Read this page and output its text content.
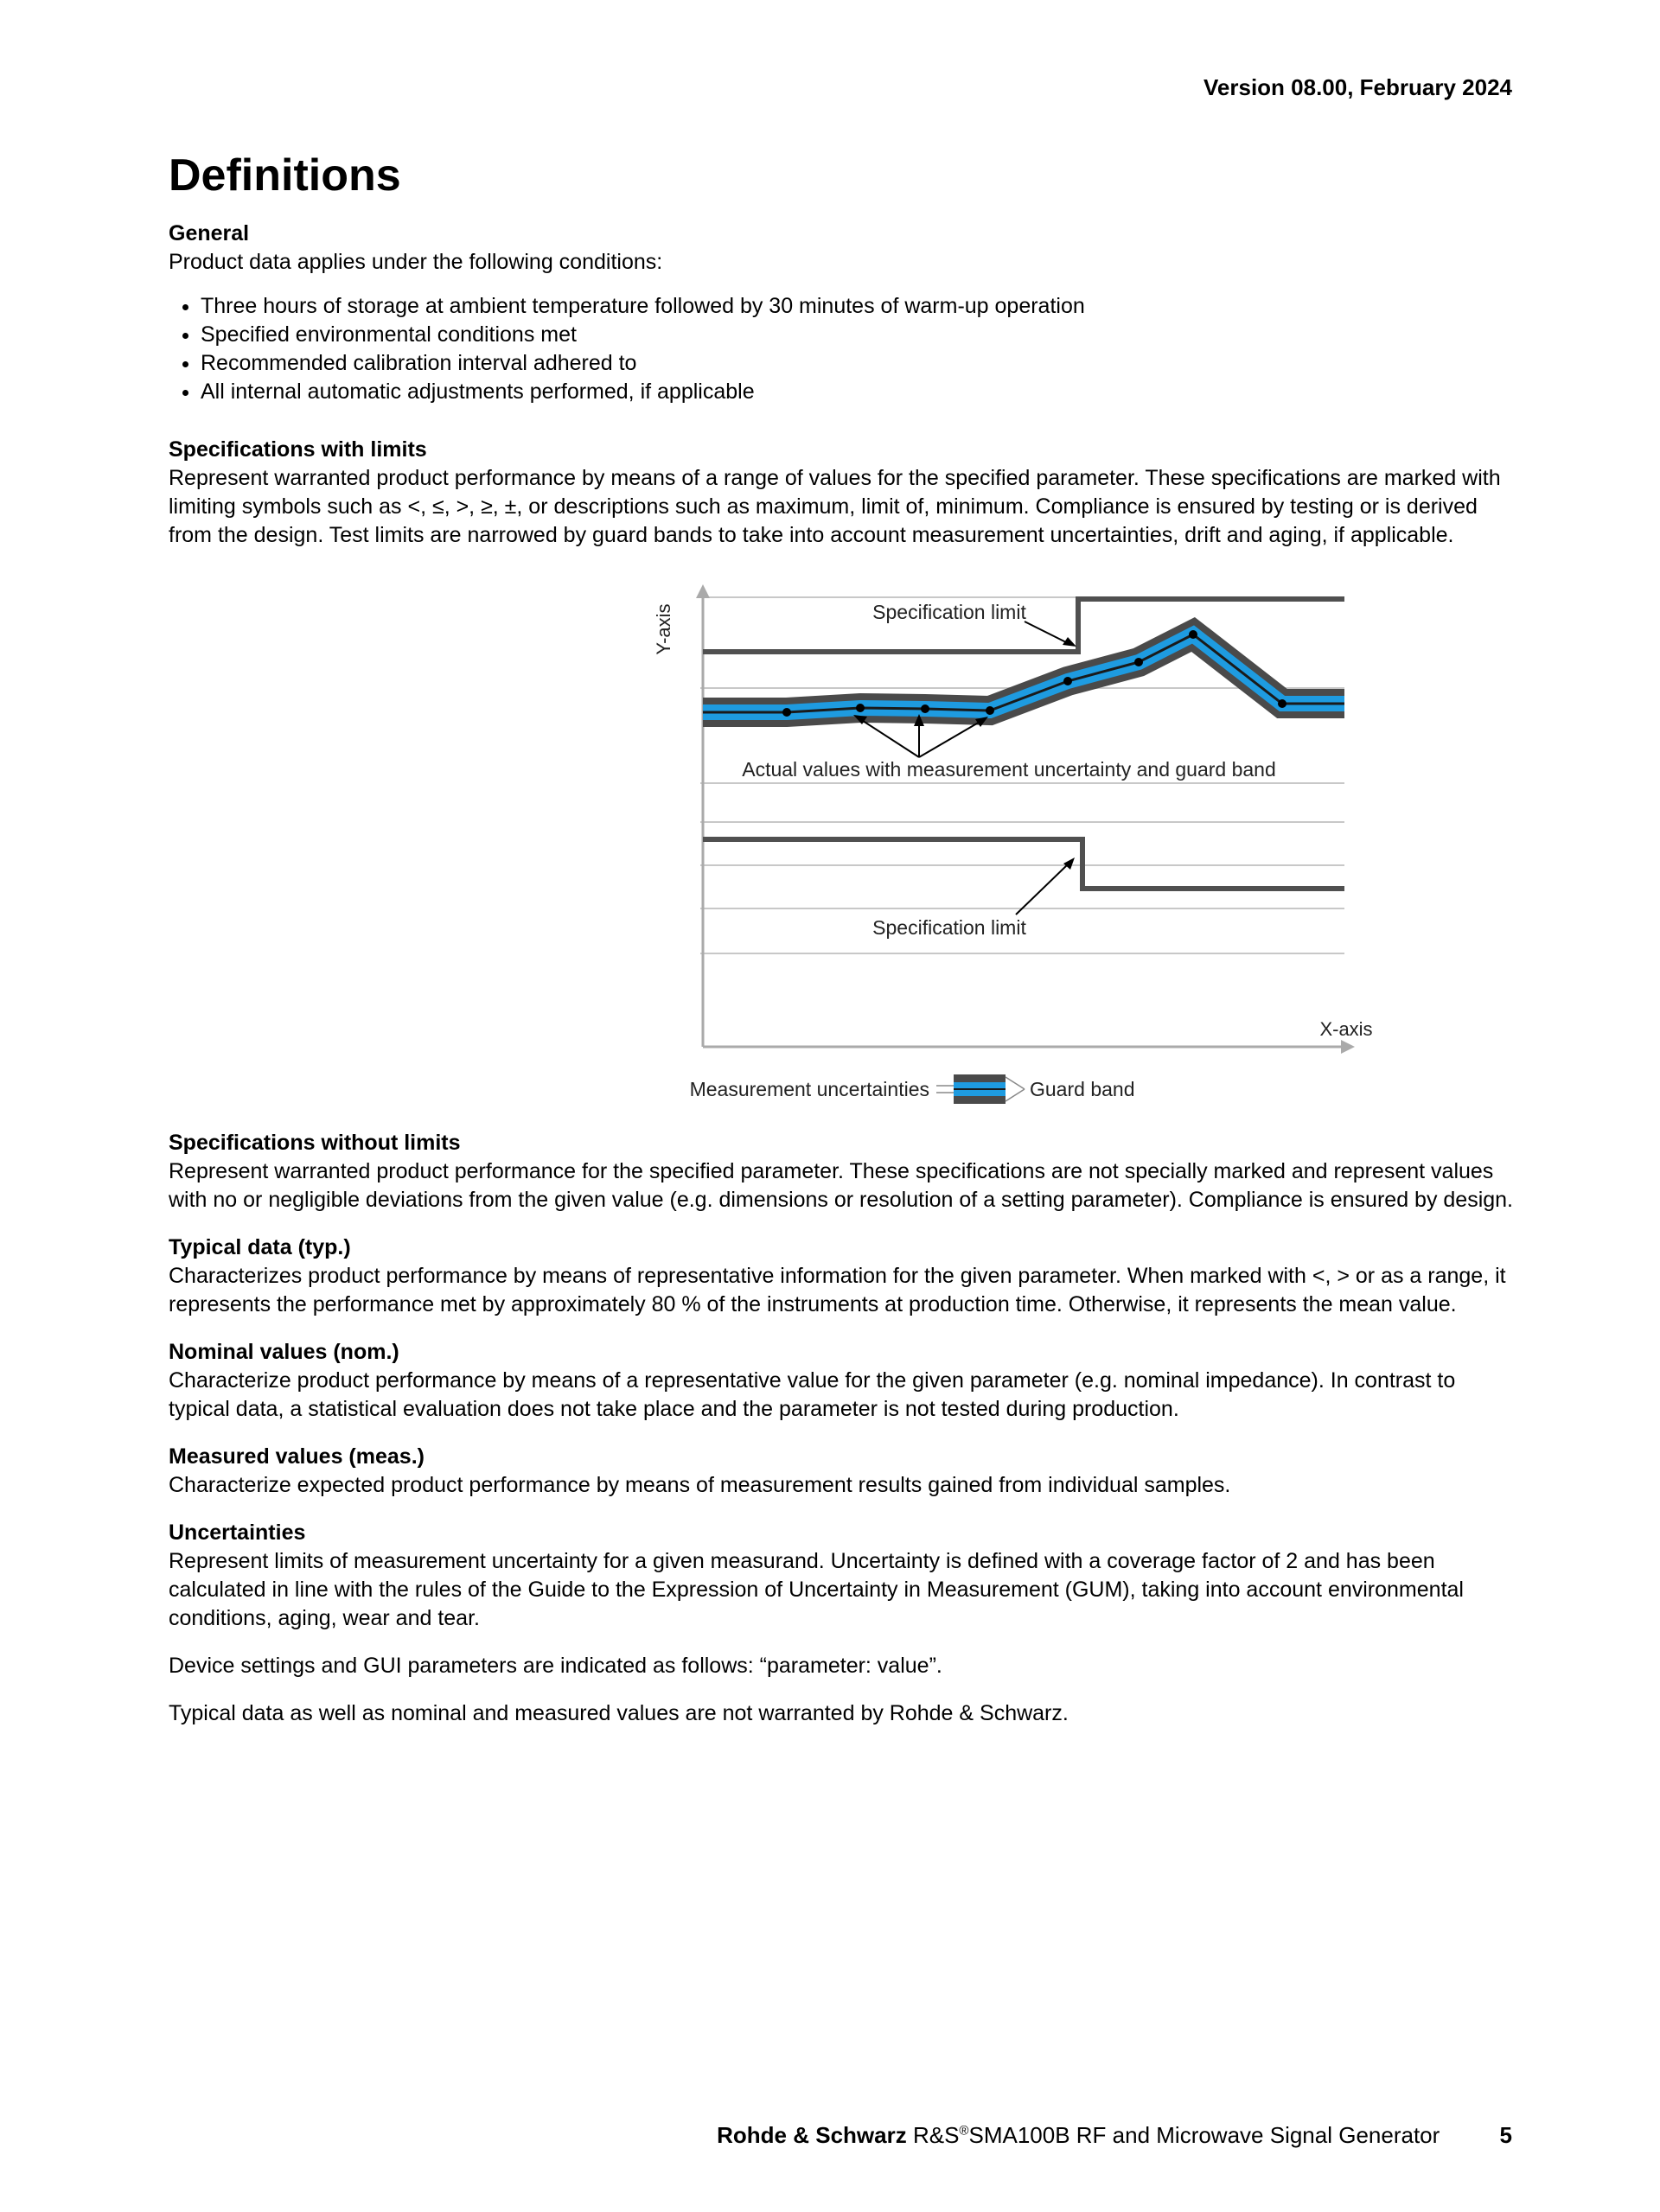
Version 08.00, February 2024
Definitions
General

Product data applies under the following conditions:

• Three hours of storage at ambient temperature followed by 30 minutes of warm-up operation
• Specified environmental conditions met
• Recommended calibration interval adhered to
• All internal automatic adjustments performed, if applicable
Specifications with limits

Represent warranted product performance by means of a range of values for the specified parameter. These specifications are marked with limiting symbols such as <, ≤, >, ≥, ±, or descriptions such as maximum, limit of, minimum. Compliance is ensured by testing or is derived from the design. Test limits are narrowed by guard bands to take into account measurement uncertainties, drift and aging, if applicable.

Y-axis
X-axis
Specification limit
Actual values with measurement uncertainty and guard band
Specification limit
Measurement uncertainties	Guard band
Specifications without limits

Represent warranted product performance for the specified parameter. These specifications are not specially marked and represent values with no or negligible deviations from the given value (e.g. dimensions or resolution of a setting parameter). Compliance is ensured by design.

Typical data (typ.)

Characterizes product performance by means of representative information for the given parameter. When marked with <, > or as a range, it represents the performance met by approximately 80 % of the instruments at production time. Otherwise, it represents the mean value.

Nominal values (nom.)

Characterize product performance by means of a representative value for the given parameter (e.g. nominal impedance). In contrast to typical data, a statistical evaluation does not take place and the parameter is not tested during production.

Measured values (meas.)

Characterize expected product performance by means of measurement results gained from individual samples.

Uncertainties

Represent limits of measurement uncertainty for a given measurand. Uncertainty is defined with a coverage factor of 2 and has been calculated in line with the rules of the Guide to the Expression of Uncertainty in Measurement (GUM), taking into account environmental conditions, aging, wear and tear.

Device settings and GUI parameters are indicated as follows: “parameter: value”.

Typical data as well as nominal and measured values are not warranted by Rohde & Schwarz.

Rohde & Schwarz R&S®SMA100B RF and Microwave Signal Generator	5
